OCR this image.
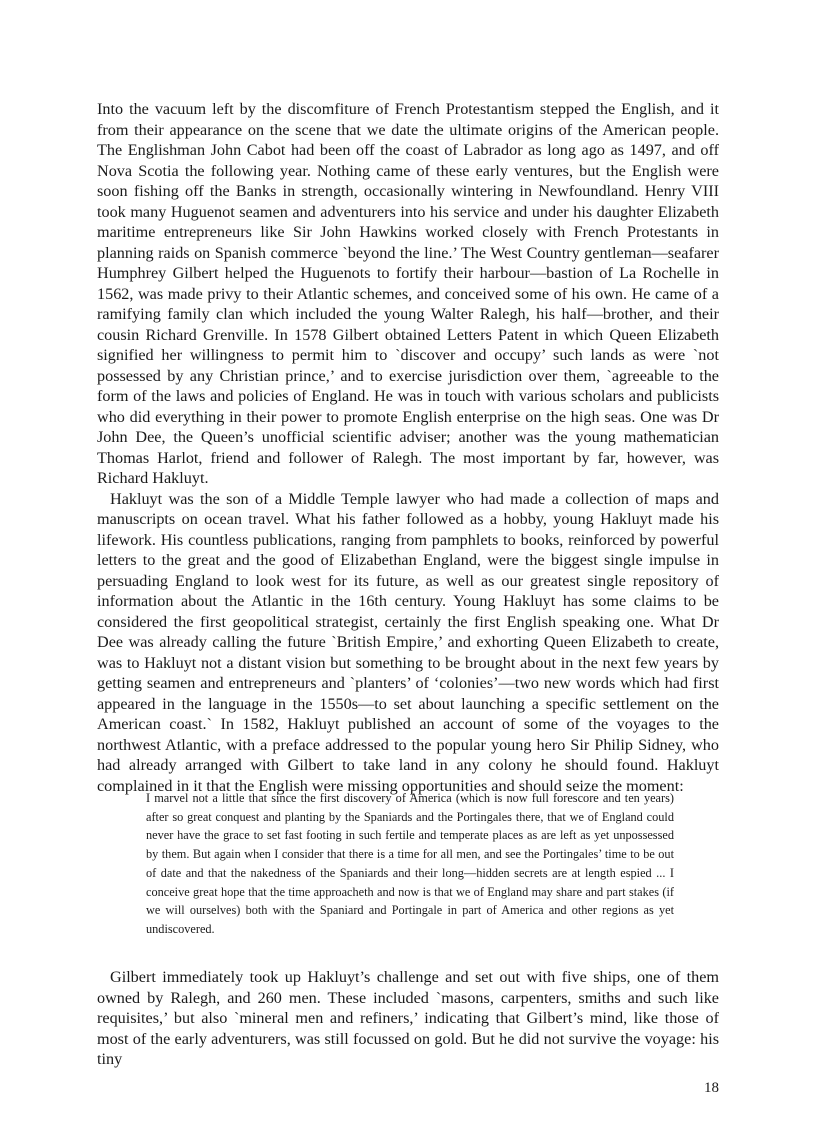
Into the vacuum left by the discomfiture of French Protestantism stepped the English, and it from their appearance on the scene that we date the ultimate origins of the American people. The Englishman John Cabot had been off the coast of Labrador as long ago as 1497, and off Nova Scotia the following year. Nothing came of these early ventures, but the English were soon fishing off the Banks in strength, occasionally wintering in Newfoundland. Henry VIII took many Huguenot seamen and adventurers into his service and under his daughter Elizabeth maritime entrepreneurs like Sir John Hawkins worked closely with French Protestants in planning raids on Spanish commerce `beyond the line.’ The West Country gentleman—seafarer Humphrey Gilbert helped the Huguenots to fortify their harbour—bastion of La Rochelle in 1562, was made privy to their Atlantic schemes, and conceived some of his own. He came of a ramifying family clan which included the young Walter Ralegh, his half—brother, and their cousin Richard Grenville. In 1578 Gilbert obtained Letters Patent in which Queen Elizabeth signified her willingness to permit him to `discover and occupy’ such lands as were `not possessed by any Christian prince,’ and to exercise jurisdiction over them, `agreeable to the form of the laws and policies of England. He was in touch with various scholars and publicists who did everything in their power to promote English enterprise on the high seas. One was Dr John Dee, the Queen’s unofficial scientific adviser; another was the young mathematician Thomas Harlot, friend and follower of Ralegh. The most important by far, however, was Richard Hakluyt.

Hakluyt was the son of a Middle Temple lawyer who had made a collection of maps and manuscripts on ocean travel. What his father followed as a hobby, young Hakluyt made his lifework. His countless publications, ranging from pamphlets to books, reinforced by powerful letters to the great and the good of Elizabethan England, were the biggest single impulse in persuading England to look west for its future, as well as our greatest single repository of information about the Atlantic in the 16th century. Young Hakluyt has some claims to be considered the first geopolitical strategist, certainly the first English speaking one. What Dr Dee was already calling the future `British Empire,’ and exhorting Queen Elizabeth to create, was to Hakluyt not a distant vision but something to be brought about in the next few years by getting seamen and entrepreneurs and `planters’ of ‘colonies’—two new words which had first appeared in the language in the 1550s—to set about launching a specific settlement on the American coast.` In 1582, Hakluyt published an account of some of the voyages to the northwest Atlantic, with a preface addressed to the popular young hero Sir Philip Sidney, who had already arranged with Gilbert to take land in any colony he should found. Hakluyt complained in it that the English were missing opportunities and should seize the moment:

I marvel not a little that since the first discovery of America (which is now full forescore and ten years) after so great conquest and planting by the Spaniards and the Portingales there, that we of England could never have the grace to set fast footing in such fertile and temperate places as are left as yet unpossessed by them. But again when I consider that there is a time for all men, and see the Portingales’ time to be out of date and that the nakedness of the Spaniards and their long—hidden secrets are at length espied ... I conceive great hope that the time approacheth and now is that we of England may share and part stakes (if we will ourselves) both with the Spaniard and Portingale in part of America and other regions as yet undiscovered.
Gilbert immediately took up Hakluyt’s challenge and set out with five ships, one of them owned by Ralegh, and 260 men. These included `masons, carpenters, smiths and such like requisites,’ but also `mineral men and refiners,’ indicating that Gilbert’s mind, like those of most of the early adventurers, was still focussed on gold. But he did not survive the voyage: his tiny
18
